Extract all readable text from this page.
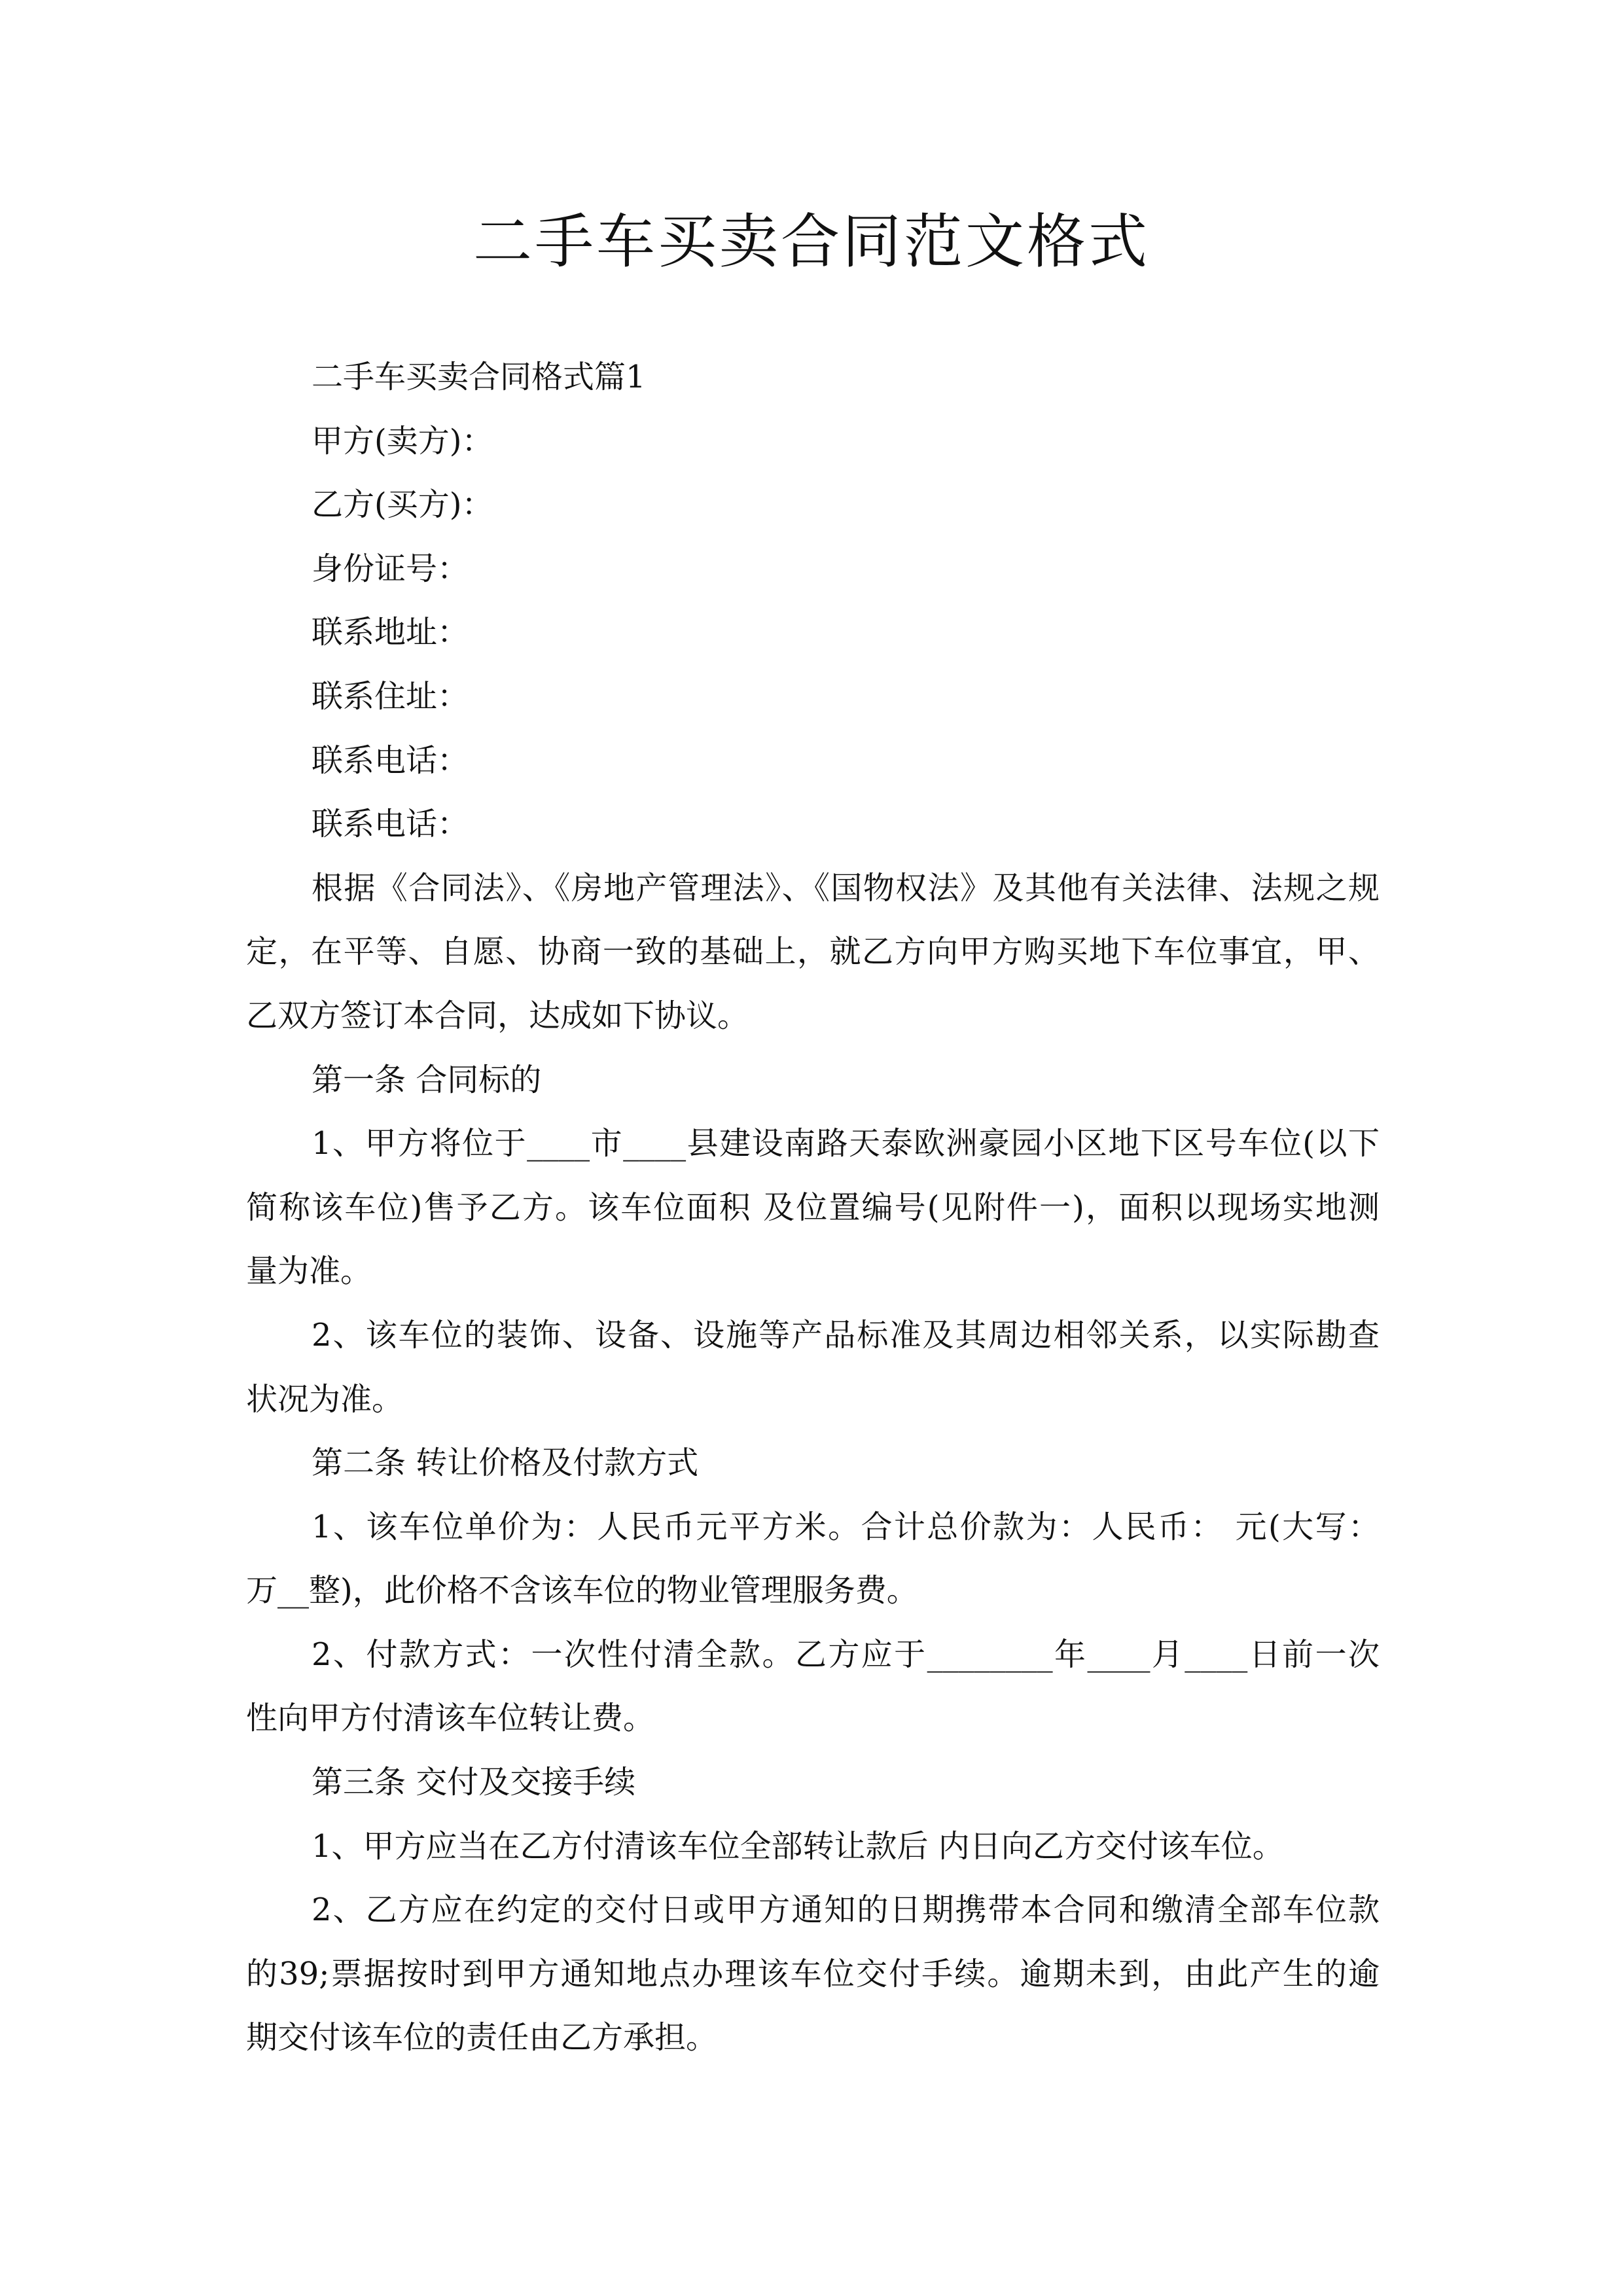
二手车买卖合同范文格式
二手车买卖合同格式篇1
甲方(卖方)：
乙方(买方)：
身份证号：
联系地址：
联系住址：
联系电话：
联系电话：
根据《合同法》、《房地产管理法》、《国物权法》及其他有关法律、法规之规
定，在平等、自愿、协商一致的基础上，就乙方向甲方购买地下车位事宜，甲、
乙双方签订本合同，达成如下协议。
第一条 合同标的
1、甲方将位于____市____县建设南路天泰欧洲豪园小区地下区号车位(以下
简称该车位)售予乙方。该车位面积 及位置编号(见附件一)，面积以现场实地测
量为准。
2、该车位的装饰、设备、设施等产品标准及其周边相邻关系，以实际勘查
状况为准。
第二条 转让价格及付款方式
1、该车位单价为：人民币元平方米。合计总价款为：人民币： 元(大写：
万__整)，此价格不含该车位的物业管理服务费。
2、付款方式：一次性付清全款。乙方应于________年____月____日前一次
性向甲方付清该车位转让费。
第三条 交付及交接手续
1、甲方应当在乙方付清该车位全部转让款后 内日向乙方交付该车位。
2、乙方应在约定的交付日或甲方通知的日期携带本合同和缴清全部车位款
的39;票据按时到甲方通知地点办理该车位交付手续。逾期未到，由此产生的逾
期交付该车位的责任由乙方承担。
